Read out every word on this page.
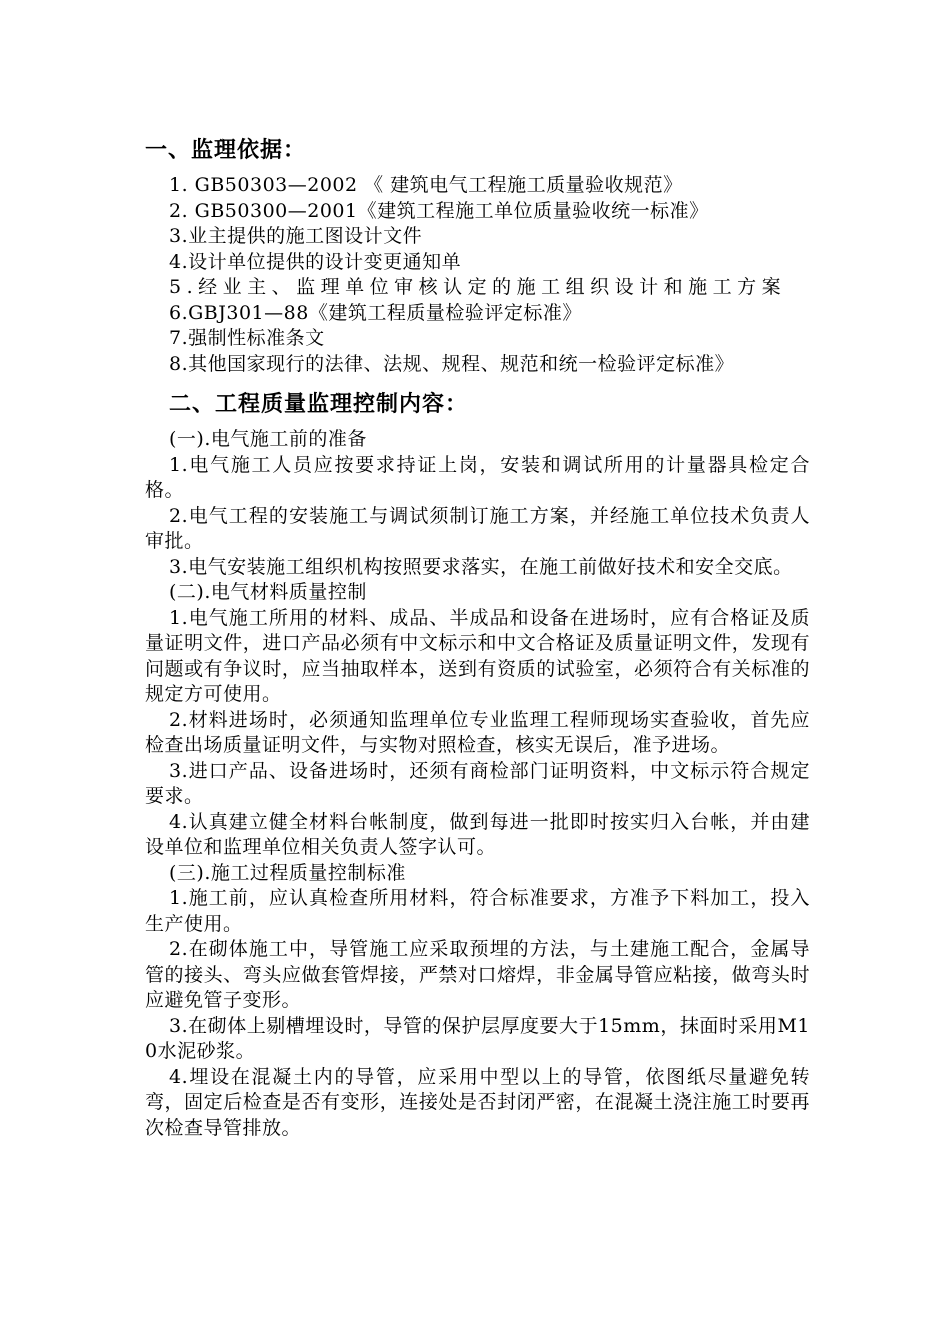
一、监理依据：

1. GB50303—2002 《 建筑电气工程施工质量验收规范》

2. GB50300—2001《建筑工程施工单位质量验收统一标准》

3.业主提供的施工图设计文件

4.设计单位提供的设计变更通知单

5.经业主、监理单位审核认定的施工组织设计和施工方案

6.GBJ301—88《建筑工程质量检验评定标准》

7.强制性标准条文

8.其他国家现行的法律、法规、规程、规范和统一检验评定标准》

二、工程质量监理控制内容：

(一).电气施工前的准备

1.电气施工人员应按要求持证上岗，安装和调试所用的计量器具检定合格。

2.电气工程的安装施工与调试须制订施工方案，并经施工单位技术负责人审批。

3.电气安装施工组织机构按照要求落实，在施工前做好技术和安全交底。

(二).电气材料质量控制

1.电气施工所用的材料、成品、半成品和设备在进场时，应有合格证及质量证明文件，进口产品必须有中文标示和中文合格证及质量证明文件，发现有问题或有争议时，应当抽取样本，送到有资质的试验室，必须符合有关标准的规定方可使用。

2.材料进场时，必须通知监理单位专业监理工程师现场实查验收，首先应检查出场质量证明文件，与实物对照检查，核实无误后，准予进场。

3.进口产品、设备进场时，还须有商检部门证明资料，中文标示符合规定要求。

4.认真建立健全材料台帐制度，做到每进一批即时按实归入台帐，并由建设单位和监理单位相关负责人签字认可。

(三).施工过程质量控制标准

1.施工前，应认真检查所用材料，符合标准要求，方准予下料加工，投入生产使用。

2.在砌体施工中，导管施工应采取预埋的方法，与土建施工配合，金属导管的接头、弯头应做套管焊接，严禁对口熔焊，非金属导管应粘接，做弯头时应避免管子变形。

3.在砌体上剔槽埋设时，导管的保护层厚度要大于15mm，抹面时采用M10水泥砂浆。

4.埋设在混凝土内的导管，应采用中型以上的导管，依图纸尽量避免转弯，固定后检查是否有变形，连接处是否封闭严密，在混凝土浇注施工时要再次检查导管排放。
